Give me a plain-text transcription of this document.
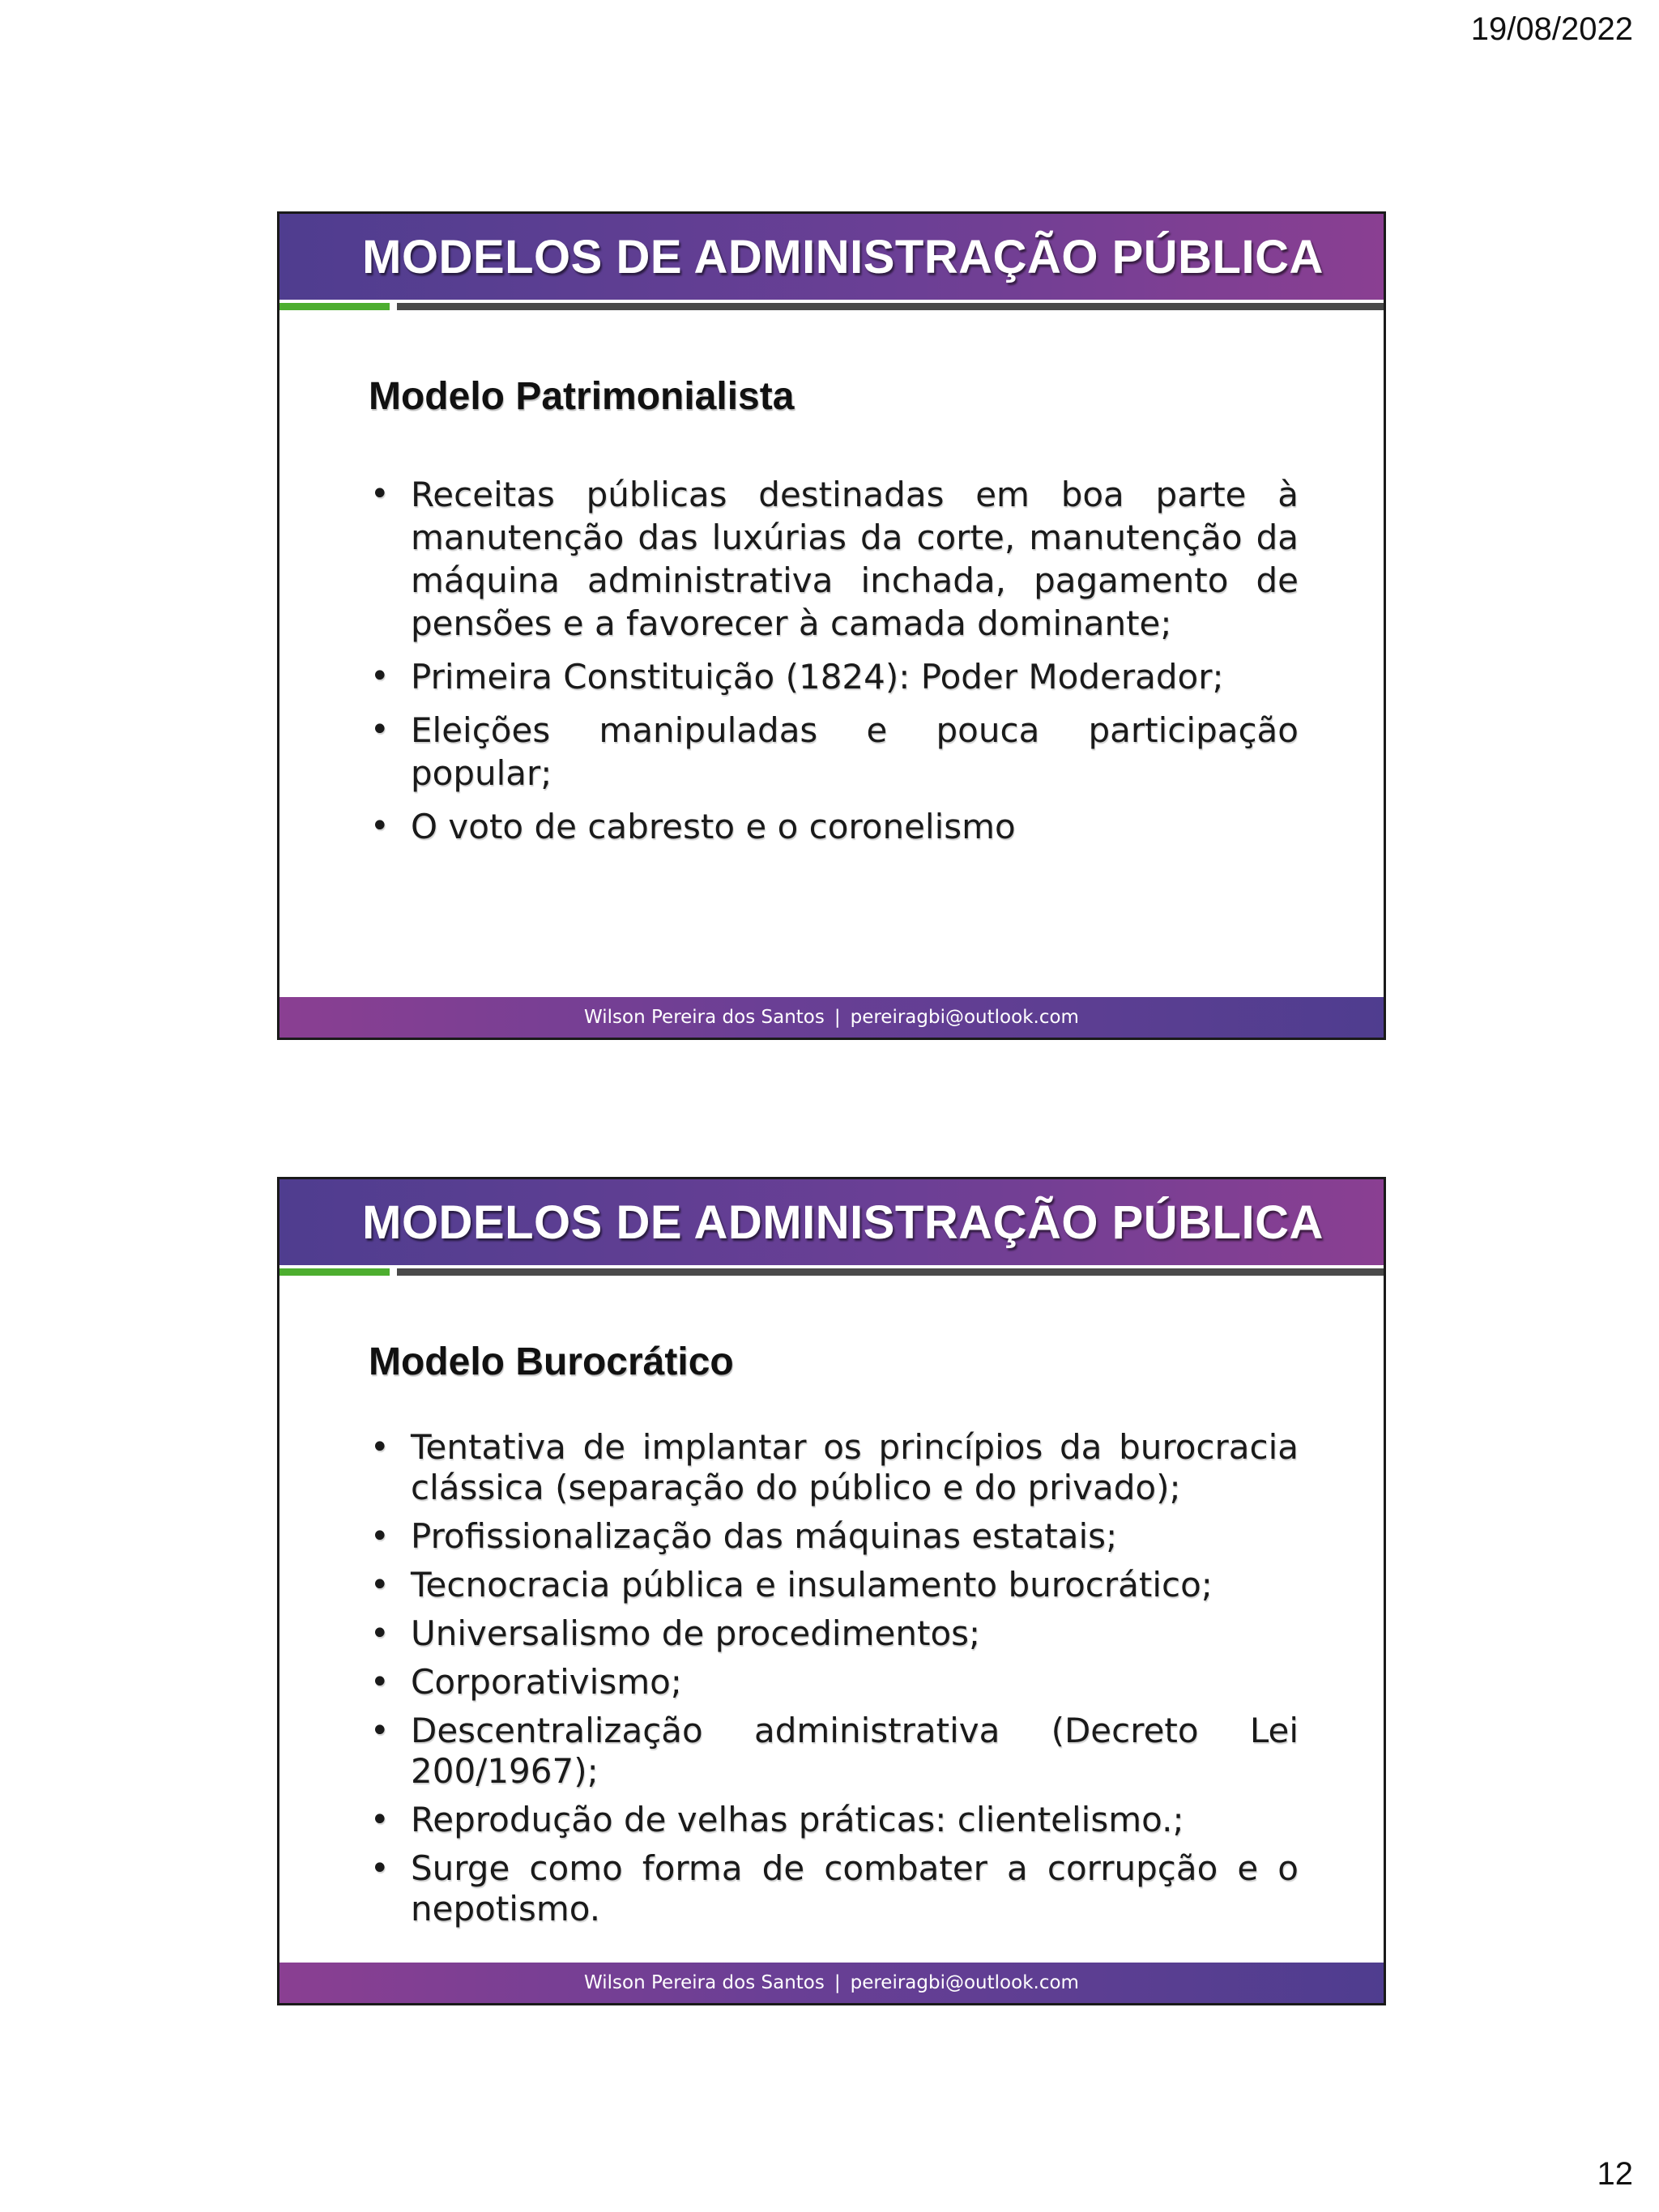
19/08/2022
MODELOS DE ADMINISTRAÇÃO PÚBLICA
Modelo Patrimonialista
• Receitas públicas destinadas em boa parte à manutenção das luxúrias da corte, manutenção da máquina administrativa inchada, pagamento de pensões e a favorecer à camada dominante;
• Primeira Constituição (1824): Poder Moderador;
• Eleições manipuladas e pouca participação popular;
• O voto de cabresto e o coronelismo
Wilson Pereira dos Santos | pereiragbi@outlook.com
MODELOS DE ADMINISTRAÇÃO PÚBLICA
Modelo Burocrático
• Tentativa de implantar os princípios da burocracia clássica (separação do público e do privado);
• Profissionalização das máquinas estatais;
• Tecnocracia pública e insulamento burocrático;
• Universalismo de procedimentos;
• Corporativismo;
• Descentralização administrativa (Decreto Lei 200/1967);
• Reprodução de velhas práticas: clientelismo.;
• Surge como forma de combater a corrupção e o nepotismo.
Wilson Pereira dos Santos | pereiragbi@outlook.com
12
